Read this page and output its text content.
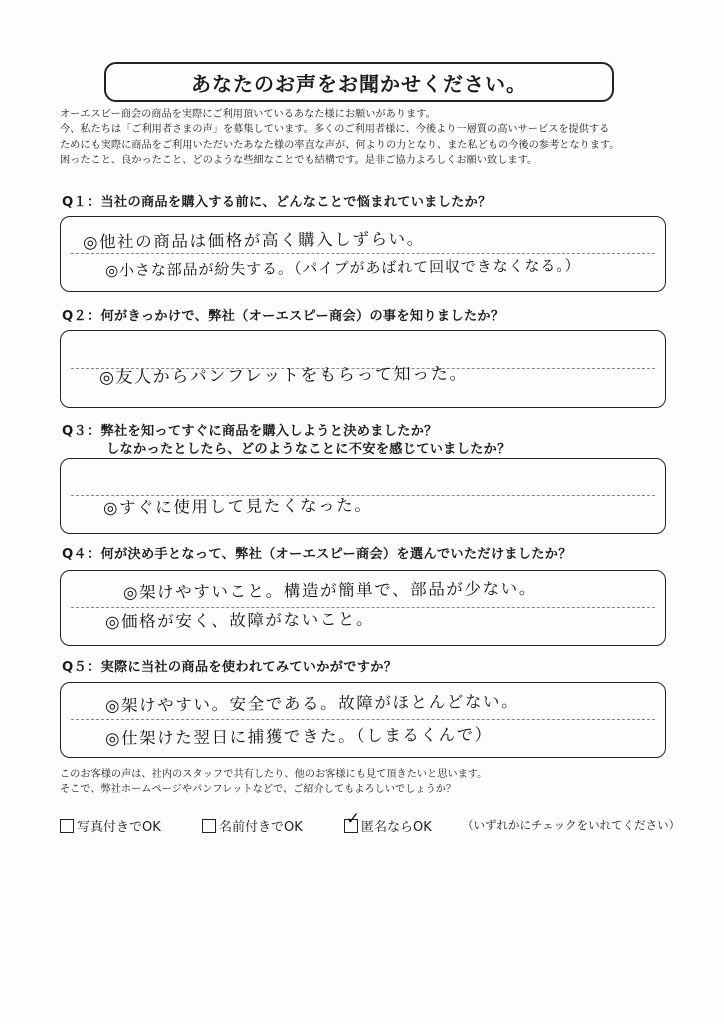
あなたのお声をお聞かせください。
オーエスピー商会の商品を実際にご利用頂いているあなた様にお願いがあります。
今、私たちは「ご利用者さまの声」を募集しています。多くのご利用者様に、今後より一層質の高いサービスを提供する
ためにも実際に商品をご利用いただいたあなた様の率直な声が、何よりの力となり、また私どもの今後の参考となります。
困ったこと、良かったこと、どのような些細なことでも結構です。是非ご協力よろしくお願い致します。
Q１：当社の商品を購入する前に、どんなことで悩まれていましたか？
◎他社の商品は価格が高く購入しずらい。
◎小さな部品が紛失する。（パイプがあばれて回収できなくなる。）
Q２：何がきっかけで、弊社（オーエスピー商会）の事を知りましたか？
◎友人からパンフレットをもらって知った。
Q３：弊社を知ってすぐに商品を購入しようと決めましたか？
しなかったとしたら、どのようなことに不安を感じていましたか？
◎すぐに使用して見たくなった。
Q４：何が決め手となって、弊社（オーエスピー商会）を選んでいただけましたか？
◎架けやすいこと。構造が簡単で、部品が少ない。
◎価格が安く、故障がないこと。
Q５：実際に当社の商品を使われてみていかがですか？
◎架けやすい。安全である。故障がほとんどない。
◎仕架けた翌日に捕獲できた。（しまるくんで）
このお客様の声は、社内のスタッフで共有したり、他のお客様にも見て頂きたいと思います。
そこで、弊社ホームページやパンフレットなどで、ご紹介してもよろしいでしょうか？
写真付きでOK	名前付きでOK	✓ 匿名ならOK	（いずれかにチェックをいれてください）
